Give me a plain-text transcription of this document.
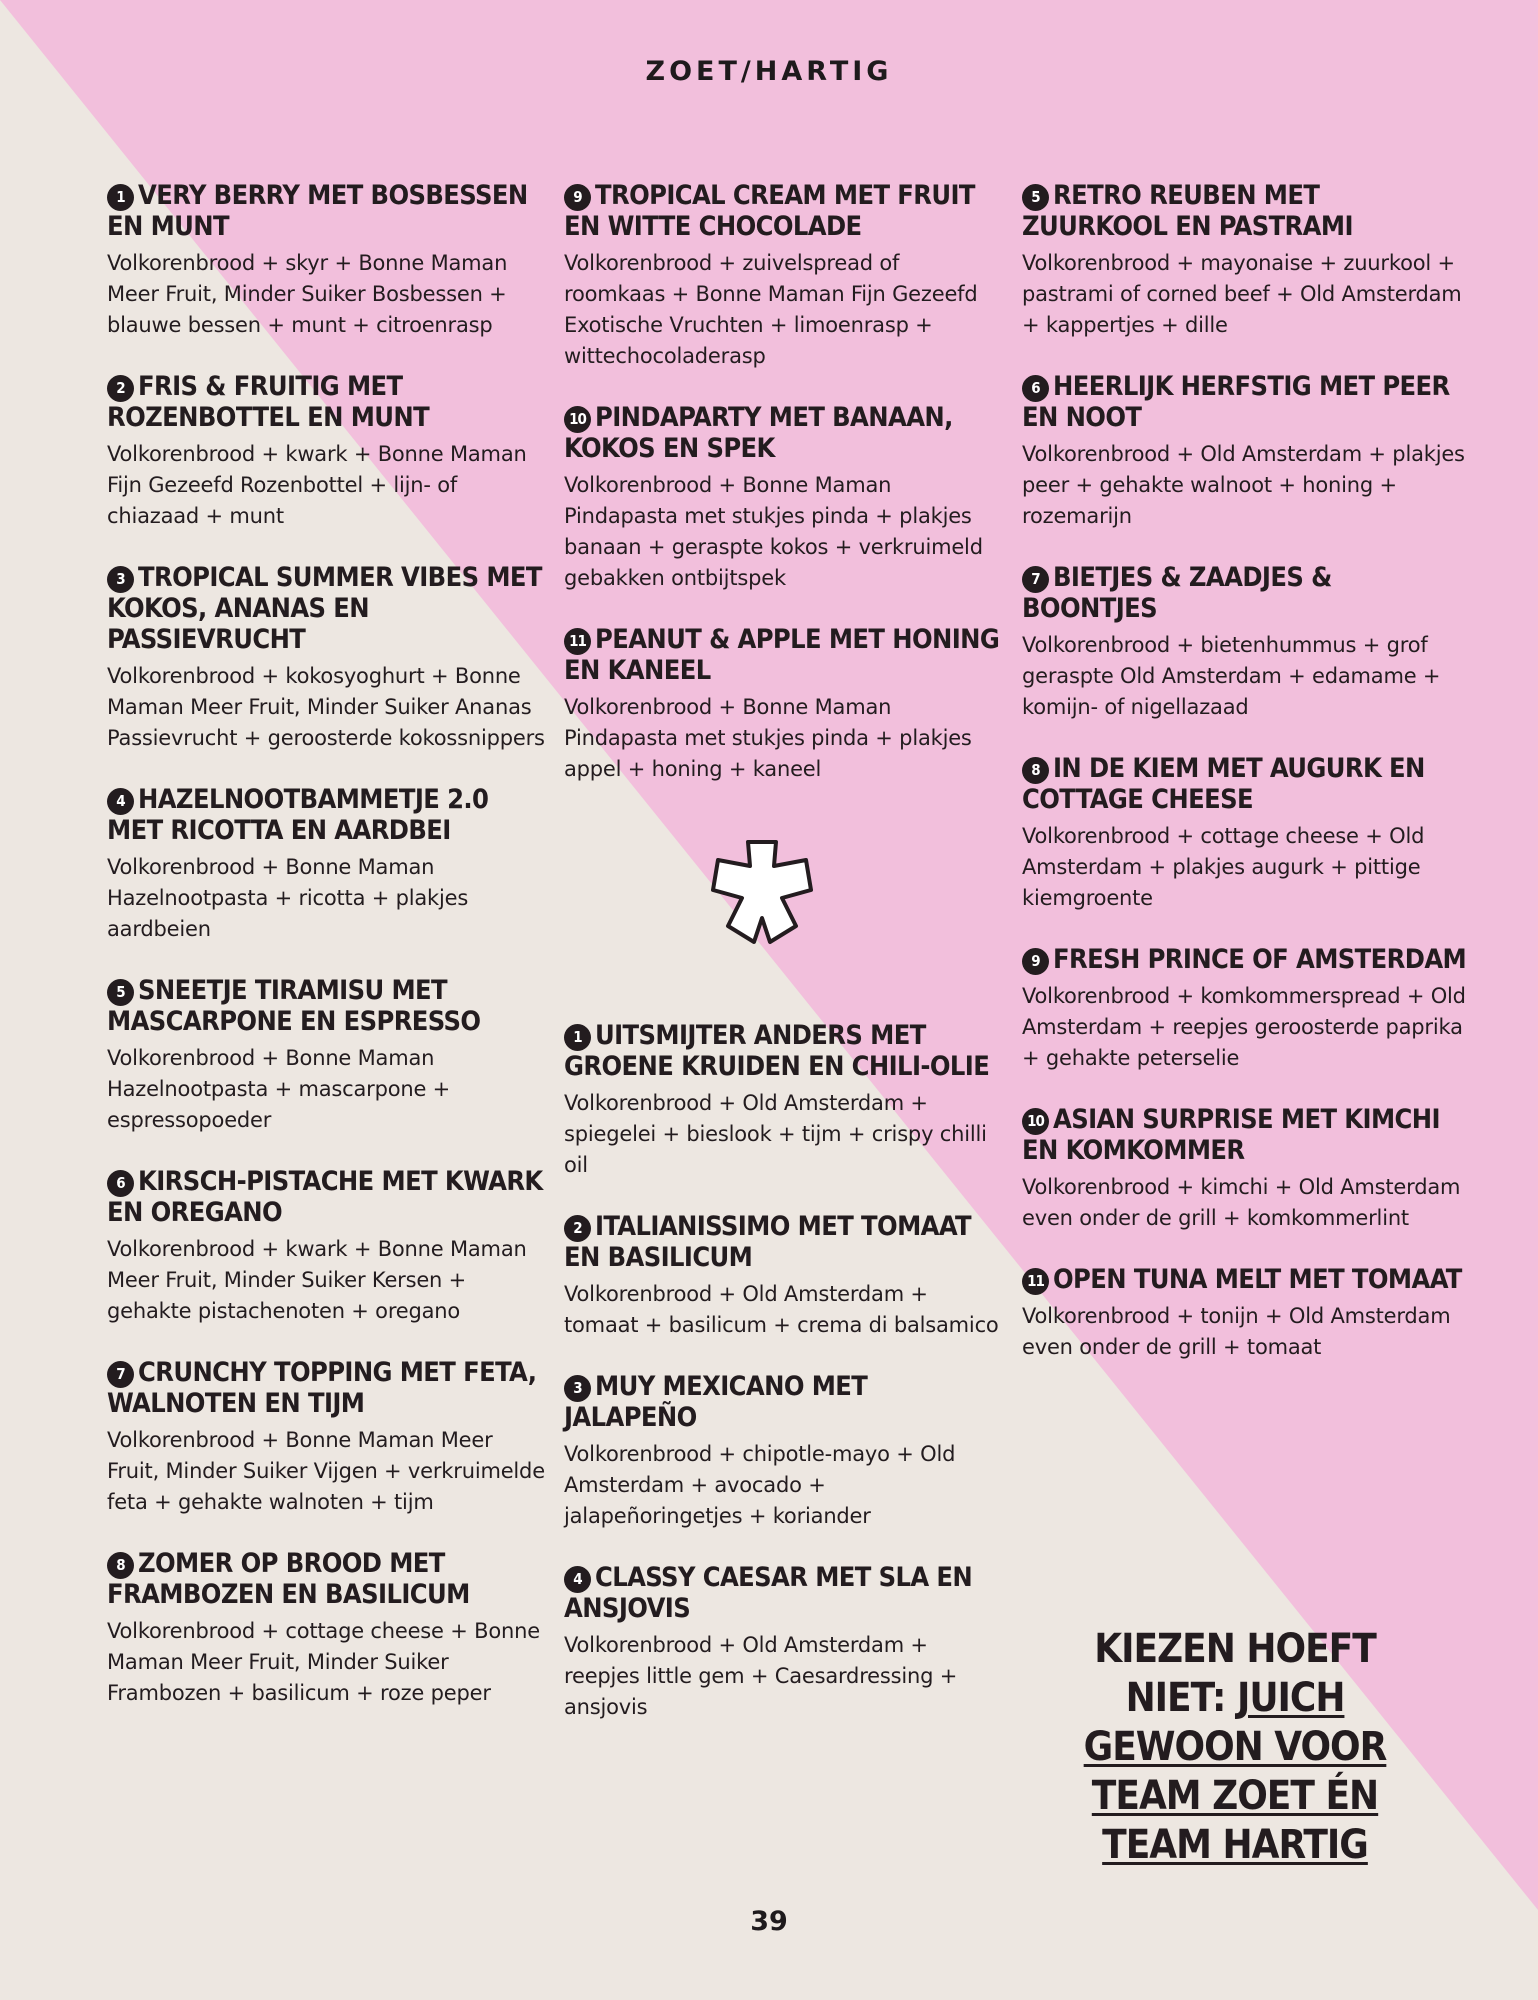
ZOET/HARTIG
1 VERY BERRY MET BOSBESSEN EN MUNT
Volkorenbrood + skyr + Bonne Maman Meer Fruit, Minder Suiker Bosbessen + blauwe bessen + munt + citroenrasp
2 FRIS & FRUITIG MET ROZENBOTTEL EN MUNT
Volkorenbrood + kwark + Bonne Maman Fijn Gezeefd Rozenbottel + lijn- of chiazaad + munt
3 TROPICAL SUMMER VIBES MET KOKOS, ANANAS EN PASSIEVRUCHT
Volkorenbrood + kokosyoghurt + Bonne Maman Meer Fruit, Minder Suiker Ananas Passievrucht + geroosterde kokossnippers
4 HAZELNOOTBAMMETJE 2.0 MET RICOTTA EN AARDBEI
Volkorenbrood + Bonne Maman Hazelnootpasta + ricotta + plakjes aardbeien
5 SNEETJE TIRAMISU MET MASCARPONE EN ESPRESSO
Volkorenbrood + Bonne Maman Hazelnootpasta + mascarpone + espressopoeder
6 KIRSCH-PISTACHE MET KWARK EN OREGANO
Volkorenbrood + kwark + Bonne Maman Meer Fruit, Minder Suiker Kersen + gehakte pistachenoten + oregano
7 CRUNCHY TOPPING MET FETA, WALNOTEN EN TIJM
Volkorenbrood + Bonne Maman Meer Fruit, Minder Suiker Vijgen + verkruimelde feta + gehakte walnoten + tijm
8 ZOMER OP BROOD MET FRAMBOZEN EN BASILICUM
Volkorenbrood + cottage cheese + Bonne Maman Meer Fruit, Minder Suiker Frambozen + basilicum + roze peper
9 TROPICAL CREAM MET FRUIT EN WITTE CHOCOLADE
Volkorenbrood + zuivelspread of roomkaas + Bonne Maman Fijn Gezeefd Exotische Vruchten + limoenrasp + wittechocoladerasp
10 PINDAPARTY MET BANAAN, KOKOS EN SPEK
Volkorenbrood + Bonne Maman Pindapasta met stukjes pinda + plakjes banaan + geraspte kokos + verkruimeld gebakken ontbijtspek
11 PEANUT & APPLE MET HONING EN KANEEL
Volkorenbrood + Bonne Maman Pindapasta met stukjes pinda + plakjes appel + honing + kaneel
1 UITSMIJTER ANDERS MET GROENE KRUIDEN EN CHILI-OLIE
Volkorenbrood + Old Amsterdam + spiegelei + bieslook + tijm + crispy chilli oil
2 ITALIANISSIMO MET TOMAAT EN BASILICUM
Volkorenbrood + Old Amsterdam + tomaat + basilicum + crema di balsamico
3 MUY MEXICANO MET JALAPEÑO
Volkorenbrood + chipotle-mayo + Old Amsterdam + avocado + jalapeñoringetjes + koriander
4 CLASSY CAESAR MET SLA EN ANSJOVIS
Volkorenbrood + Old Amsterdam + reepjes little gem + Caesardressing + ansjovis
5 RETRO REUBEN MET ZUURKOOL EN PASTRAMI
Volkorenbrood + mayonaise + zuurkool + pastrami of corned beef + Old Amsterdam + kappertjes + dille
6 HEERLIJK HERFSTIG MET PEER EN NOOT
Volkorenbrood + Old Amsterdam + plakjes peer + gehakte walnoot + honing + rozemarijn
7 BIETJES & ZAADJES & BOONTJES
Volkorenbrood + bietenhummus + grof geraspte Old Amsterdam + edamame + komijn- of nigellazaad
8 IN DE KIEM MET AUGURK EN COTTAGE CHEESE
Volkorenbrood + cottage cheese + Old Amsterdam + plakjes augurk + pittige kiemgroente
9 FRESH PRINCE OF AMSTERDAM
Volkorenbrood + komkommerspread + Old Amsterdam + reepjes geroosterde paprika + gehakte peterselie
10 ASIAN SURPRISE MET KIMCHI EN KOMKOMMER
Volkorenbrood + kimchi + Old Amsterdam even onder de grill + komkommerlint
11 OPEN TUNA MELT MET TOMAAT
Volkorenbrood + tonijn + Old Amsterdam even onder de grill + tomaat
KIEZEN HOEFT
NIET: JUICH
GEWOON VOOR
TEAM ZOET ÉN
TEAM HARTIG
39
